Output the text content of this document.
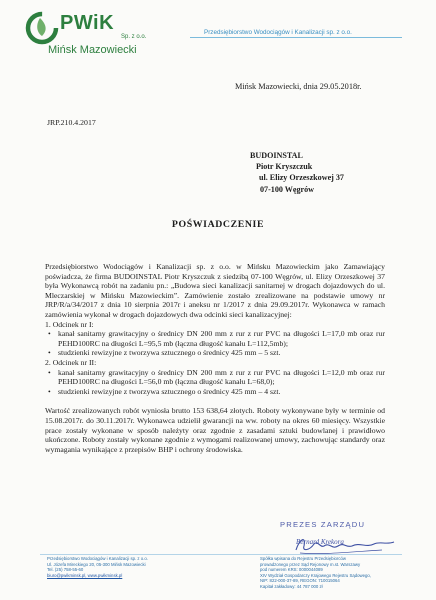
PWiK
Sp. z o.o.
Mińsk Mazowiecki
Przedsiębiorstwo Wodociągów i Kanalizacji sp. z o.o.
Mińsk Mazowiecki, dnia 29.05.2018r.
JRP.210.4.2017
BUDOINSTAL
Piotr Kryszczuk
ul. Elizy Orzeszkowej 37
07-100 Węgrów
POŚWIADCZENIE

Przedsiębiorstwo Wodociągów i Kanalizacji sp. z o.o. w Mińsku Mazowieckim jako Zamawiający poświadcza, że firma BUDOINSTAL Piotr Kryszczuk z siedzibą 07-100 Węgrów, ul. Elizy Orzeszkowej 37 była Wykonawcą robót na zadaniu pn.: „Budowa sieci kanalizacji sanitarnej w drogach dojazdowych do ul. Mleczarskiej w Mińsku Mazowieckim”. Zamówienie zostało zrealizowane na podstawie umowy nr JRP/R/a/34/2017 z dnia 10 sierpnia 2017r i aneksu nr 1/2017 z dnia 29.09.2017r. Wykonawca w ramach zamówienia wykonał w drogach dojazdowych dwa odcinki sieci kanalizacyjnej:

1. Odcinek nr I:
• kanał sanitarny grawitacyjny o średnicy DN 200 mm z rur z rur PVC na długości L=17,0 mb oraz rur PEHD100RC na długości L=95,5 mb (łączna długość kanału L=112,5mb);
• studzienki rewizyjne z tworzywa sztucznego o średnicy 425 mm – 5 szt.
2. Odcinek nr II:
• kanał sanitarny grawitacyjny o średnicy DN 200 mm z rur z rur PVC na długości L=12,0 mb oraz rur PEHD100RC na długości L=56,0 mb (łączna długość kanału L=68,0);
• studzienki rewizyjne z tworzywa sztucznego o średnicy 425 mm – 4 szt.

Wartość zrealizowanych robót wyniosła brutto 153 638,64 złotych. Roboty wykonywane były w terminie od 15.08.2017r. do 30.11.2017r. Wykonawca udzielił gwarancji na ww. roboty na okres 60 miesięcy. Wszystkie prace zostały wykonane w sposób należyty oraz zgodnie z zasadami sztuki budowlanej i prawidłowo ukończone. Roboty zostały wykonane zgodnie z wymogami realizowanej umowy, zachowując standardy oraz wymagania wynikające z przepisów BHP i ochrony środowiska.

PREZES ZARZĄDU
Bernard Krekora
Przedsiębiorstwo Wodociągów i Kanalizacji sp. z o.o.
Ul. Józefa Mireckiego 20, 05-300 Mińsk Mazowiecki
Tel. (25) 758-55-60
biuro@pwikminsk.pl, www.pwikminsk.pl
Spółka wpisana do Rejestru Przedsiębiorców
prowadzonego przez Sąd Rejonowy m.st. Warszawy
pod numerem KRS: 0000044089
XIV Wydział Gospodarczy Krajowego Rejestru Sądowego,
NIP: 822-000-37-89, REGON: 710015064
Kapitał zakładowy: 44 787 000 zł
